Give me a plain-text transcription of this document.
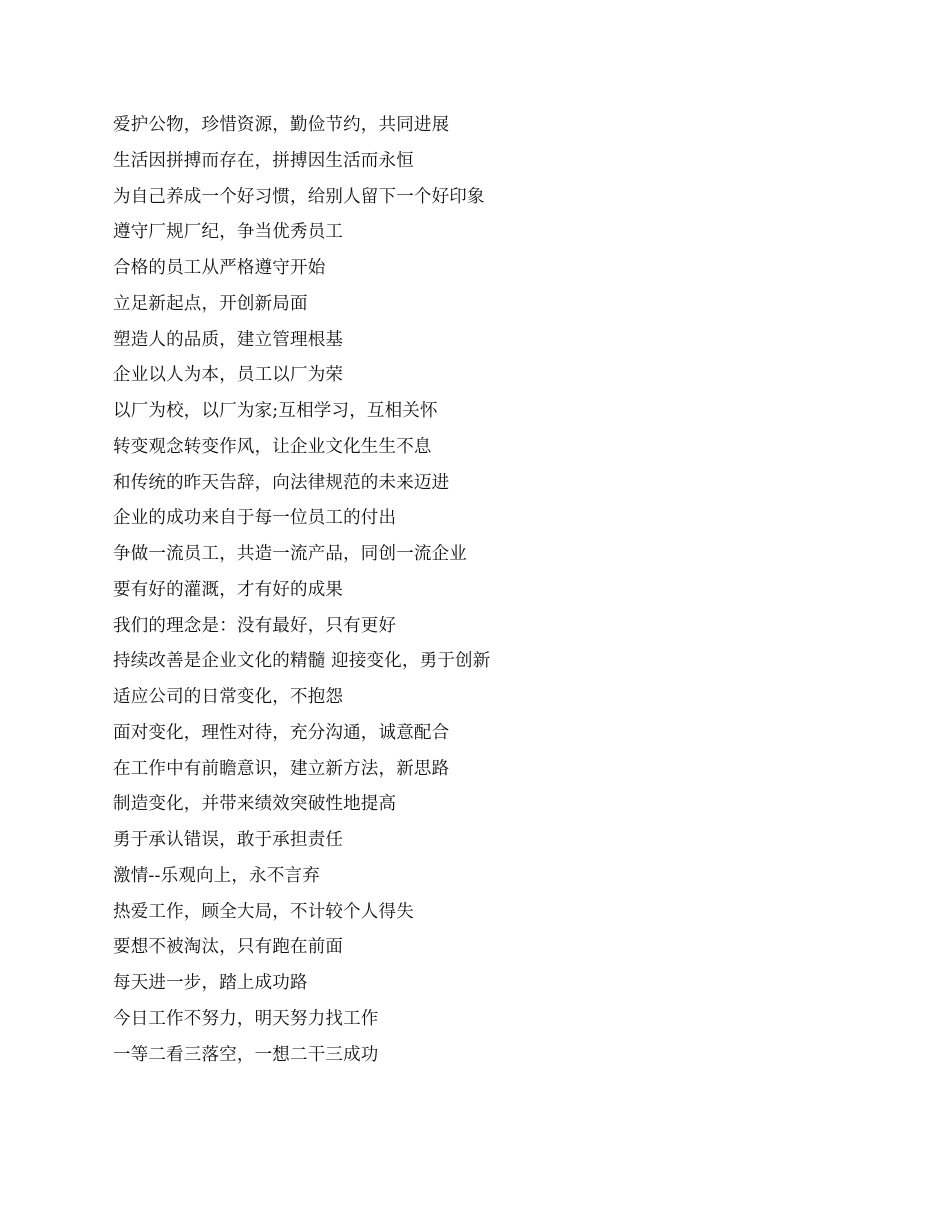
爱护公物，珍惜资源，勤俭节约，共同进展
生活因拼搏而存在，拼搏因生活而永恒
为自己养成一个好习惯，给别人留下一个好印象
遵守厂规厂纪，争当优秀员工
合格的员工从严格遵守开始
立足新起点，开创新局面
塑造人的品质，建立管理根基
企业以人为本，员工以厂为荣
以厂为校，以厂为家;互相学习，互相关怀
转变观念转变作风，让企业文化生生不息
和传统的昨天告辞，向法律规范的未来迈进
企业的成功来自于每一位员工的付出
争做一流员工，共造一流产品，同创一流企业
要有好的灌溉，才有好的成果
我们的理念是：没有最好，只有更好
持续改善是企业文化的精髓 迎接变化，勇于创新
适应公司的日常变化，不抱怨
面对变化，理性对待，充分沟通，诚意配合
在工作中有前瞻意识，建立新方法，新思路
制造变化，并带来绩效突破性地提高
勇于承认错误，敢于承担责任
激情--乐观向上，永不言弃
热爱工作，顾全大局，不计较个人得失
要想不被淘汰，只有跑在前面
每天进一步，踏上成功路
今日工作不努力，明天努力找工作
一等二看三落空，一想二干三成功
